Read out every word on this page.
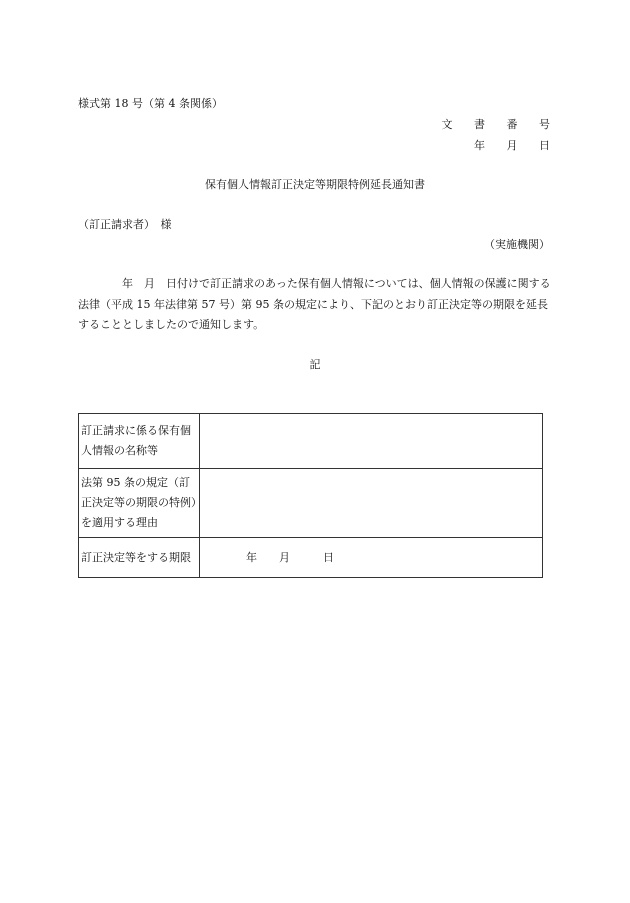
様式第 18 号（第 4 条関係）
文 書 番 号
年 月 日
保有個人情報訂正決定等期限特例延長通知書
（訂正請求者）　様
（実施機関）
　　　　年　月　日付けで訂正請求のあった保有個人情報については、個人情報の保護に関する法律（平成 15 年法律第 57 号）第 95 条の規定により、下記のとおり訂正決定等の期限を延長することとしましたので通知します。
記
訂正請求に係る保有個人情報の名称等	
法第 95 条の規定（訂正決定等の期限の特例）を適用する理由	
訂正決定等をする期限	年　　月　　　日
